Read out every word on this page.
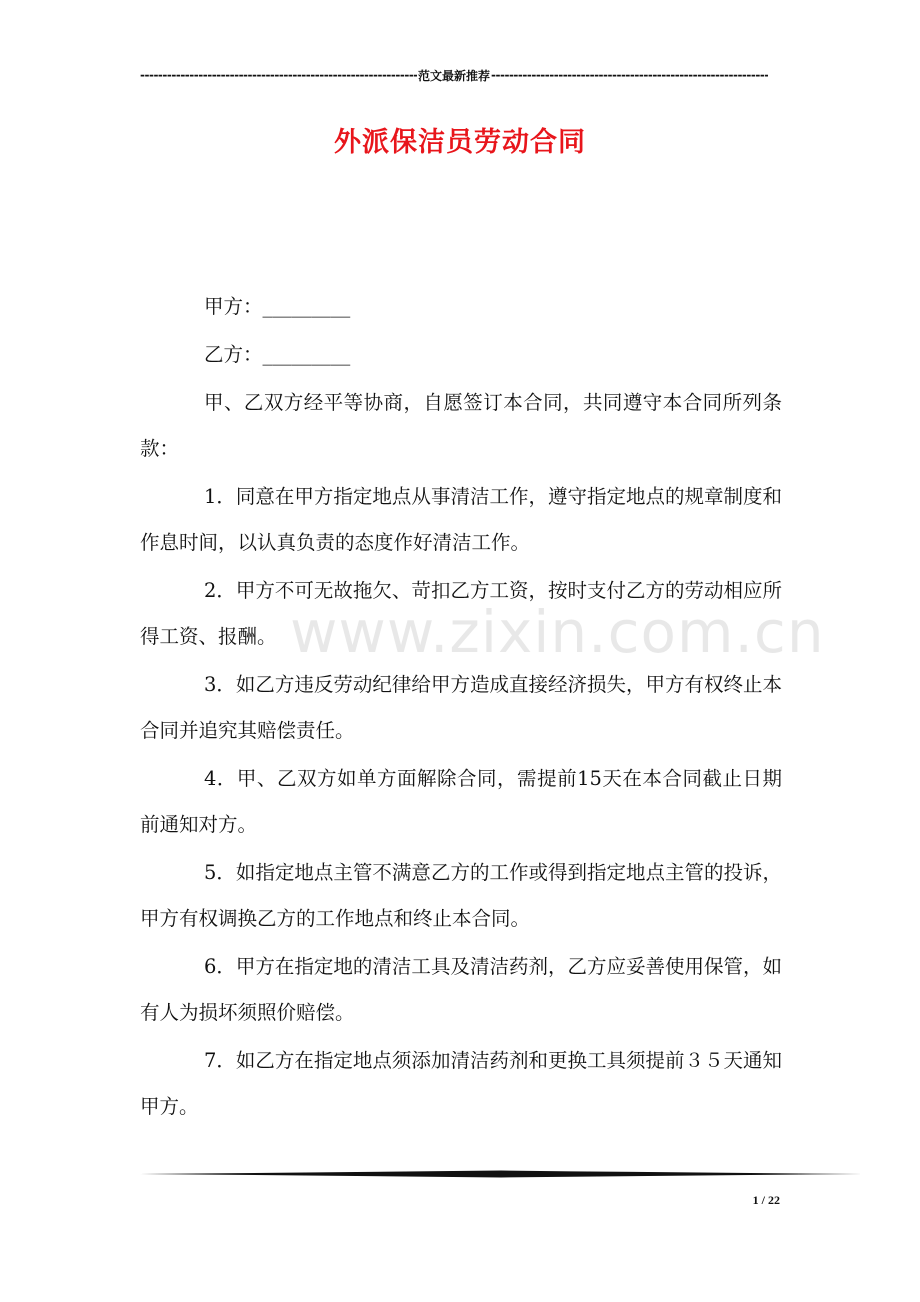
-----
范文最新推荐
-----
外派保洁员劳动合同
www.zixin.com.cn
甲方：_________
乙方：_________

甲、乙双方经平等协商，自愿签订本合同，共同遵守本合同所列条款：

1．同意在甲方指定地点从事清洁工作，遵守指定地点的规章制度和作息时间，以认真负责的态度作好清洁工作。

2．甲方不可无故拖欠、苛扣乙方工资，按时支付乙方的劳动相应所得工资、报酬。

3．如乙方违反劳动纪律给甲方造成直接经济损失，甲方有权终止本合同并追究其赔偿责任。

4．甲、乙双方如单方面解除合同，需提前15天在本合同截止日期前通知对方。

5．如指定地点主管不满意乙方的工作或得到指定地点主管的投诉，甲方有权调换乙方的工作地点和终止本合同。

6．甲方在指定地的清洁工具及清洁药剂，乙方应妥善使用保管，如有人为损坏须照价赔偿。

7．如乙方在指定地点须添加清洁药剂和更换工具须提前３５天通知甲方。

1 / 22
